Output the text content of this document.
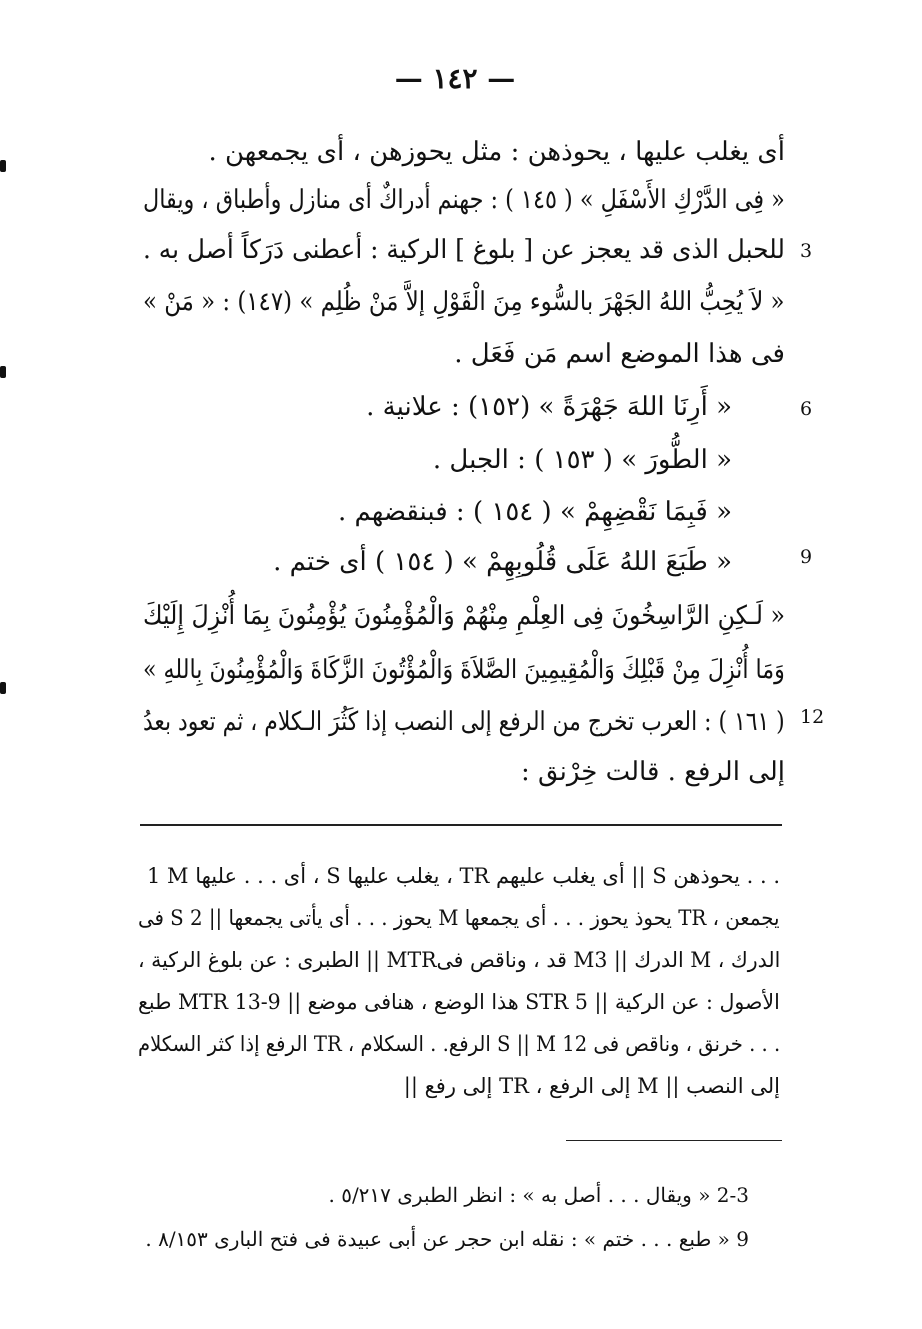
— ١٤٢ —
أى يغلب عليها ، يحوذهن : مثل يحوزهن ، أى يجمعهن .
« فِى الدَّرْكِ الأَسْفَلِ » ( ١٤٥ ) : جهنم أدراكٌ أى منازل وأطباق ، ويقال
للحبل الذى قد يعجز عن [ بلوغ ] الركية : أعطنى دَرَكاً أصل به .
« لاَ يُحِبُّ اللهُ الجَهْرَ بالسُّوء مِنَ الْقَوْلِ إلاَّ مَنْ ظُلِم » (١٤٧) : « مَنْ »
فى هذا الموضع اسم مَن فَعَل .
« أَرِنَا اللهَ جَهْرَةً » (١٥٢) : علانية .
« الطُّورَ » ( ١٥٣ ) : الجبل .
« فَبِمَا نَقْضِهِمْ » ( ١٥٤ ) : فبنقضهم .
« طَبَعَ اللهُ عَلَى قُلُوبِهِمْ » ( ١٥٤ ) أى ختم .
« لَـكِنِ الرَّاسِخُونَ فِى العِلْمِ مِنْهُمْ وَالْمُؤْمِنُونَ يُؤْمِنُونَ بِمَا أُنْزِلَ إِلَيْكَ
وَمَا أُنْزِلَ مِنْ قَبْلِكَ وَالْمُقِيمِينَ الصَّلاَةَ وَالْمُؤْتُونَ الزَّكَاةَ وَالْمُؤْمِنُونَ بِاللهِ »
( ١٦١ ) : العرب تخرج من الرفع إلى النصب إذا كَثُرَ الـكلام ، ثم تعود بعدُ
إلى الرفع . قالت خِرْنق :
3
6
9
12
1 M أى . . . عليها ، S يغلب عليها ، TR أى يغلب عليهم || S يحوذهن . . .
يجمعن ، TR يحوذ يحوز . . . أى يجمعها M يحوز . . . أى يأتى يجمعها || S 2 فى
الدرك ، M الدرك || M3 قد ، وناقص فىMTR || الطبرى : عن بلوغ الركية ،
الأصول : عن الركية || 5 STR هذا الوضع ، هنافى موضع || MTR 13-9 طبع
. . . خرنق ، وناقص فى S || M 12 الرفع. . السكلام ، TR الرفع إذا كثر السكلام
إلى النصب || M إلى الرفع ، TR إلى رفع ||
2-3 « ويقال . . . أصل به » : انظر الطبرى ٥/٢١٧ .
9 « طبع . . . ختم » : نقله ابن حجر عن أبى عبيدة فى فتح البارى ٨/١٥٣ .
